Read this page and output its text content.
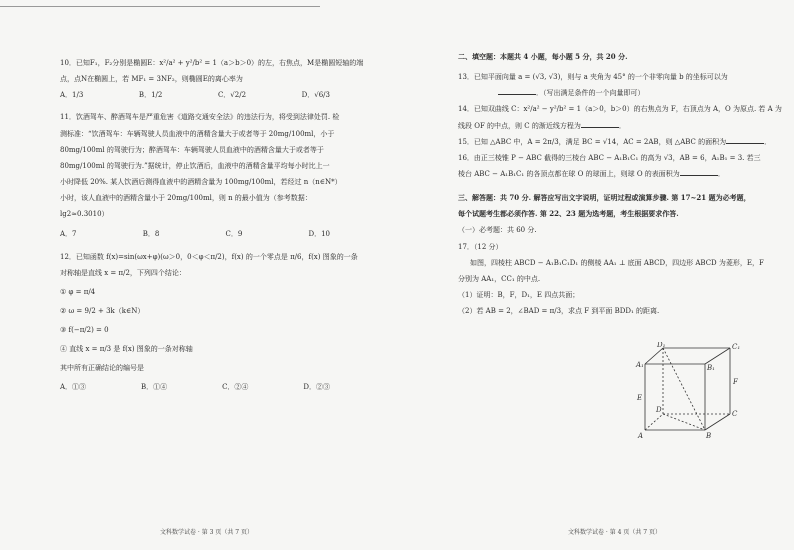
10．已知F₁，F₂分别是椭圆E：x²/a² + y²/b² = 1（a＞b＞0）的左，右焦点，M是椭圆短轴的端
点，点N在椭圆上，若 MF₁ = 3NF₂，则椭圆E的离心率为
A．1/3	B．1/2	C．√2/2	D．√6/3
11．饮酒驾车、醉酒驾车是严重危害《道路交通安全法》的违法行为，将受到法律处罚. 检
测标准：“饮酒驾车：车辆驾驶人员血液中的酒精含量大于或者等于 20mg/100ml，小于
80mg/100ml 的驾驶行为；醉酒驾车：车辆驾驶人员血液中的酒精含量大于或者等于
80mg/100ml 的驾驶行为.”据统计，停止饮酒后，血液中的酒精含量平均每小时比上一
小时降低 20%. 某人饮酒后测得血液中的酒精含量为 100mg/100ml，若经过 n（n∈N*）
小时，该人血液中的酒精含量小于 20mg/100ml，则 n 的最小值为（参考数据：
lg2≈0.3010）
A．7	B．8	C．9	D．10
12．已知函数 f(x)=sin(ωx+φ)(ω＞0，0＜φ＜π/2)，f(x) 的一个零点是 π/6，f(x) 图象的一条
对称轴是直线 x = π/2，下列四个结论：
① φ = π/4
② ω = 9/2 + 3k（k∈N）
③ f(−π/2) = 0
④ 直线 x = π/3 是 f(x) 图象的一条对称轴
其中所有正确结论的编号是
A．①③	B．①④	C．②④	D．②③
文科数学试卷 · 第 3 页（共 7 页）
二、填空题：本题共 4 小题，每小题 5 分，共 20 分.
13．已知平面向量 a = (√3, √3)，则与 a 夹角为 45° 的一个非零向量 b 的坐标可以为
．（写出满足条件的一个向量即可）
14．已知双曲线 C：x²/a² − y²/b² = 1（a＞0，b＞0）的右焦点为 F，右顶点为 A，O 为原点. 若 A 为
线段 OF 的中点，则 C 的渐近线方程为	．
15．已知 △ABC 中，A = 2π/3，满足 BC = √14，AC = 2AB，则 △ABC 的面积为	．
16．由正三棱锥 P − ABC 截得的三棱台 ABC − A₁B₁C₁ 的高为 √3，AB = 6，A₁B₁ = 3. 若三
棱台 ABC − A₁B₁C₁ 的各顶点都在球 O 的球面上，则球 O 的表面积为	．
三、解答题：共 70 分. 解答应写出文字说明，证明过程或演算步骤. 第 17~21 题为必考题，
每个试题考生都必须作答. 第 22、23 题为选考题，考生根据要求作答.
（一）必考题：共 60 分.
17．（12 分）
如图，四棱柱 ABCD − A₁B₁C₁D₁ 的侧棱 AA₁ ⊥ 底面 ABCD，四边形 ABCD 为菱形，E，F
分别为 AA₁，CC₁ 的中点.
（1）证明：B，F，D₁，E 四点共面；
（2）若 AB = 2，∠BAD = π/3，求点 F 到平面 BDD₁ 的距离.
D₁	C₁
A₁	B₁
E
F
D	C
A	B
文科数学试卷 · 第 4 页（共 7 页）
